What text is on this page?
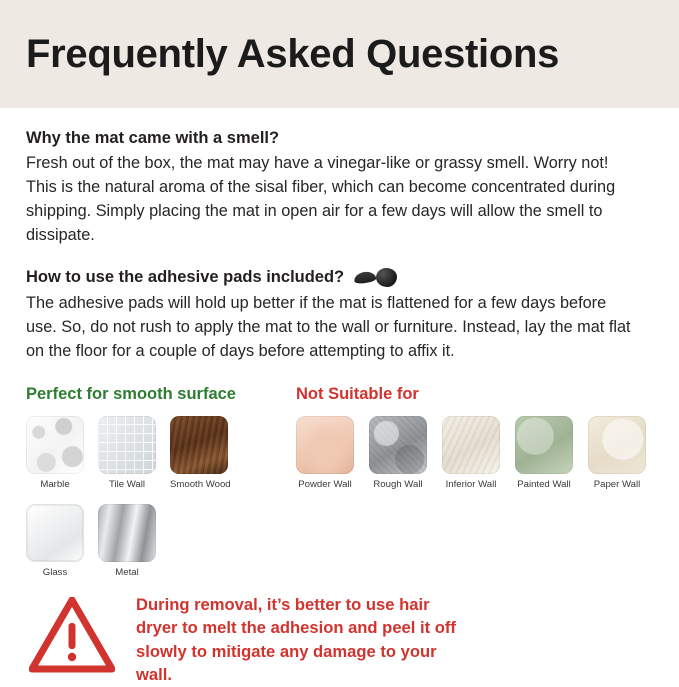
Frequently Asked Questions

Why the mat came with a smell?

Fresh out of the box, the mat may have a vinegar-like or grassy smell. Worry not! This is the natural aroma of the sisal fiber, which can become concentrated during shipping. Simply placing the mat in open air for a few days will allow the smell to dissipate.

How to use the adhesive pads included?

The adhesive pads will hold up better if the mat is flattened for a few days before use. So, do not rush to apply the mat to the wall or furniture. Instead, lay the mat flat on the floor for a couple of days before attempting to affix it.

Perfect for smooth surface
Marble	Tile Wall	Smooth Wood
Glass	Metal
Not Suitable for
Powder Wall	Rough Wall	Inferior Wall	Painted Wall	Paper Wall
During removal, it’s better to use hair dryer to melt the adhesion and peel it off slowly to mitigate any damage to your wall.
